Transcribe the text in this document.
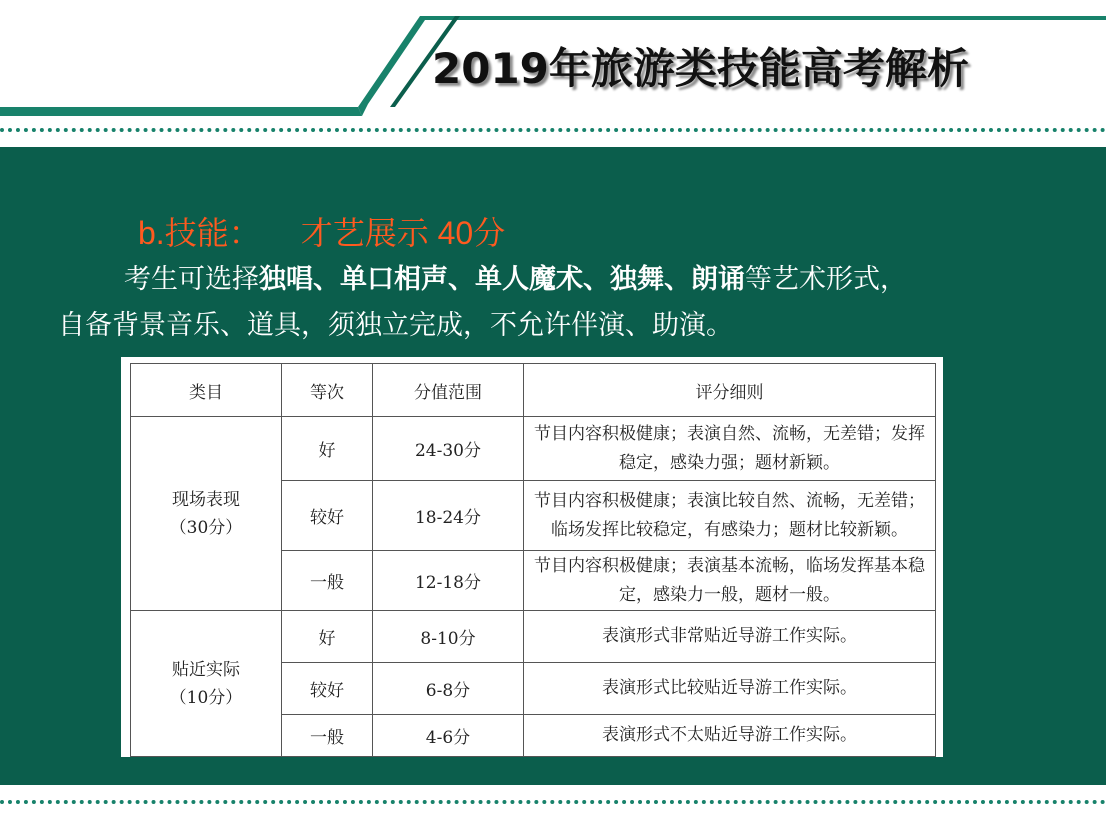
2019年旅游类技能高考解析
b.技能： 才艺展示 40分
考生可选择独唱、单口相声、单人魔术、独舞、朗诵等艺术形式，
自备背景音乐、道具，须独立完成，不允许伴演、助演。
类目	等次	分值范围	评分细则
现场表现
（30分）	好	24-30分	节目内容积极健康；表演自然、流畅，无差错；发挥
稳定，感染力强；题材新颖。
	较好	18-24分	节目内容积极健康；表演比较自然、流畅，无差错；
临场发挥比较稳定，有感染力；题材比较新颖。
	一般	12-18分	节目内容积极健康；表演基本流畅，临场发挥基本稳
定，感染力一般，题材一般。
贴近实际
（10分）	好	8-10分	表演形式非常贴近导游工作实际。
	较好	6-8分	表演形式比较贴近导游工作实际。
	一般	4-6分	表演形式不太贴近导游工作实际。
